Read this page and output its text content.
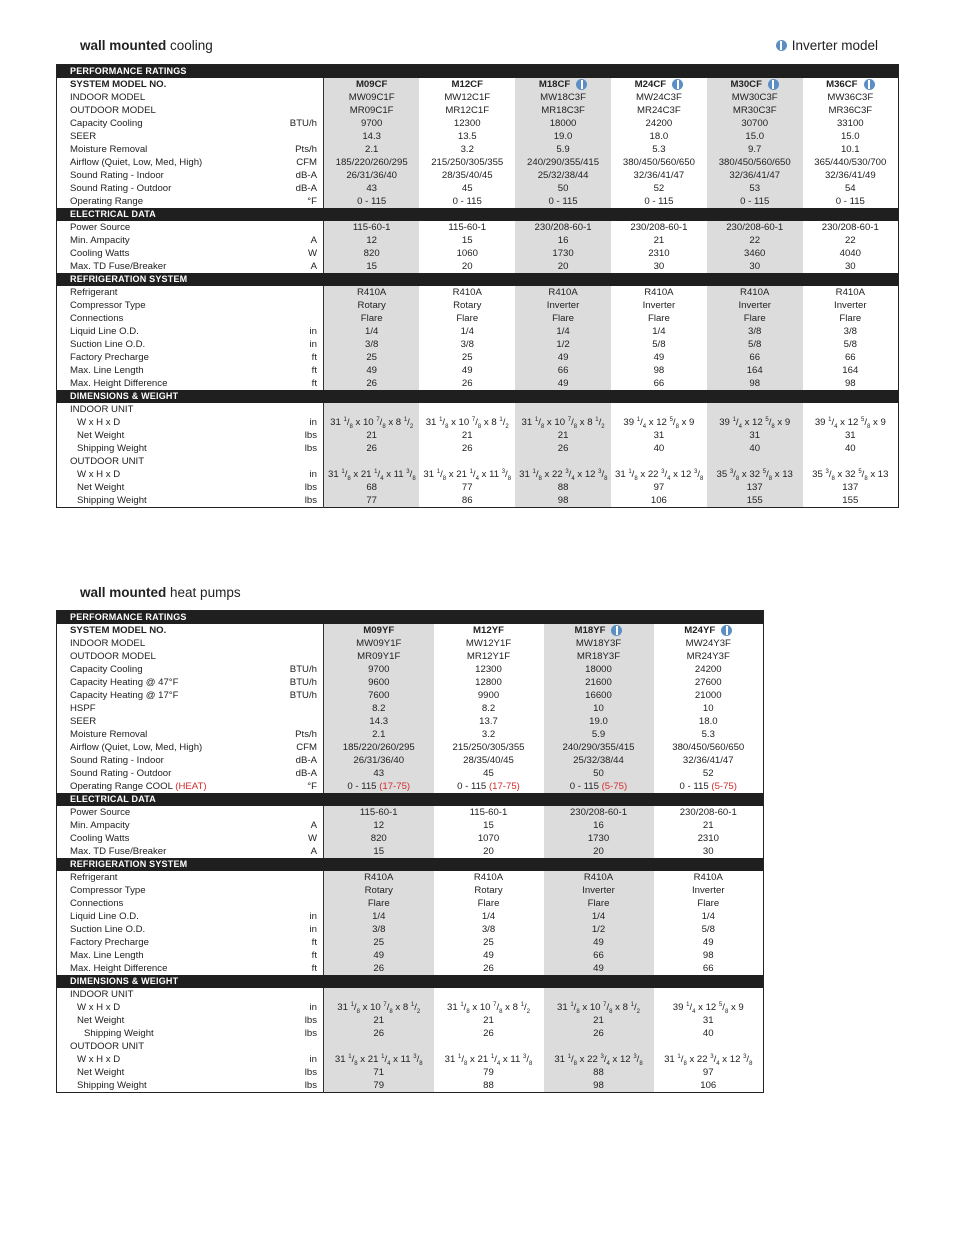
wall mounted cooling	Inverter model
PERFORMANCE RATINGS							
SYSTEM MODEL NO.		M09CF	M12CF	M18CF	M24CF	M30CF	M36CF
INDOOR MODEL		MW09C1F	MW12C1F	MW18C3F	MW24C3F	MW30C3F	MW36C3F
OUTDOOR MODEL		MR09C1F	MR12C1F	MR18C3F	MR24C3F	MR30C3F	MR36C3F
Capacity Cooling	BTU/h	9700	12300	18000	24200	30700	33100
SEER		14.3	13.5	19.0	18.0	15.0	15.0
Moisture Removal	Pts/h	2.1	3.2	5.9	5.3	9.7	10.1
Airflow (Quiet, Low, Med, High)	CFM	185/220/260/295	215/250/305/355	240/290/355/415	380/450/560/650	380/450/560/650	365/440/530/700
Sound Rating - Indoor	dB-A	26/31/36/40	28/35/40/45	25/32/38/44	32/36/41/47	32/36/41/47	32/36/41/49
Sound Rating - Outdoor	dB-A	43	45	50	52	53	54
Operating Range	°F	0 - 115	0 - 115	0 - 115	0 - 115	0 - 115	0 - 115
ELECTRICAL DATA							
Power Source		115-60-1	115-60-1	230/208-60-1	230/208-60-1	230/208-60-1	230/208-60-1
Min. Ampacity	A	12	15	16	21	22	22
Cooling Watts	W	820	1060	1730	2310	3460	4040
Max. TD Fuse/Breaker	A	15	20	20	30	30	30
REFRIGERATION SYSTEM							
Refrigerant		R410A	R410A	R410A	R410A	R410A	R410A
Compressor Type		Rotary	Rotary	Inverter	Inverter	Inverter	Inverter
Connections		Flare	Flare	Flare	Flare	Flare	Flare
Liquid Line O.D.	in	1/4	1/4	1/4	1/4	3/8	3/8
Suction Line O.D.	in	3/8	3/8	1/2	5/8	5/8	5/8
Factory Precharge	ft	25	25	49	49	66	66
Max. Line Length	ft	49	49	66	98	164	164
Max. Height Difference	ft	26	26	49	66	98	98
DIMENSIONS & WEIGHT							
INDOOR UNIT							
W x H x D	in	31 $^1/_8$ x 10 $^7/_8$ x 8 $^1/_2$	31 $^1/_8$ x 10 $^7/_8$ x 8 $^1/_2$	31 $^1/_8$ x 10 $^7/_8$ x 8 $^1/_2$	39 $^1/_4$ x 12 $^5/_8$ x 9	39 $^1/_4$ x 12 $^5/_8$ x 9	39 $^1/_4$ x 12 $^5/_8$ x 9
Net Weight	lbs	21	21	21	31	31	31
Shipping Weight	lbs	26	26	26	40	40	40
OUTDOOR UNIT							
W x H x D	in	31 $^1/_8$ x 21 $^1/_4$ x 11 $^3/_8$	31 $^1/_8$ x 21 $^1/_4$ x 11 $^3/_8$	31 $^1/_8$ x 22 $^3/_4$ x 12 $^3/_8$	31 $^1/_8$ x 22 $^3/_4$ x 12 $^3/_8$	35 $^3/_8$ x 32 $^5/_8$ x 13	35 $^3/_8$ x 32 $^5/_8$ x 13
Net Weight	lbs	68	77	88	97	137	137
Shipping Weight	lbs	77	86	98	106	155	155
wall mounted heat pumps
PERFORMANCE RATINGS					
SYSTEM MODEL NO.		M09YF	M12YF	M18YF	M24YF
INDOOR MODEL		MW09Y1F	MW12Y1F	MW18Y3F	MW24Y3F
OUTDOOR MODEL		MR09Y1F	MR12Y1F	MR18Y3F	MR24Y3F
Capacity Cooling	BTU/h	9700	12300	18000	24200
Capacity Heating @ 47°F	BTU/h	9600	12800	21600	27600
Capacity Heating @ 17°F	BTU/h	7600	9900	16600	21000
HSPF		8.2	8.2	10	10
SEER		14.3	13.7	19.0	18.0
Moisture Removal	Pts/h	2.1	3.2	5.9	5.3
Airflow (Quiet, Low, Med, High)	CFM	185/220/260/295	215/250/305/355	240/290/355/415	380/450/560/650
Sound Rating - Indoor	dB-A	26/31/36/40	28/35/40/45	25/32/38/44	32/36/41/47
Sound Rating - Outdoor	dB-A	43	45	50	52
Operating Range COOL (HEAT)	°F	0 - 115 (17-75)	0 - 115 (17-75)	0 - 115 (5-75)	0 - 115 (5-75)
ELECTRICAL DATA					
Power Source		115-60-1	115-60-1	230/208-60-1	230/208-60-1
Min. Ampacity	A	12	15	16	21
Cooling Watts	W	820	1070	1730	2310
Max. TD Fuse/Breaker	A	15	20	20	30
REFRIGERATION SYSTEM					
Refrigerant		R410A	R410A	R410A	R410A
Compressor Type		Rotary	Rotary	Inverter	Inverter
Connections		Flare	Flare	Flare	Flare
Liquid Line O.D.	in	1/4	1/4	1/4	1/4
Suction Line O.D.	in	3/8	3/8	1/2	5/8
Factory Precharge	ft	25	25	49	49
Max. Line Length	ft	49	49	66	98
Max. Height Difference	ft	26	26	49	66
DIMENSIONS & WEIGHT					
INDOOR UNIT					
W x H x D	in	31 $^1/_8$ x 10 $^7/_8$ x 8 $^1/_2$	31 $^1/_8$ x 10 $^7/_8$ x 8 $^1/_2$	31 $^1/_8$ x 10 $^7/_8$ x 8 $^1/_2$	39 $^1/_4$ x 12 $^5/_8$ x 9
Net Weight	lbs	21	21	21	31
Shipping Weight	lbs	26	26	26	40
OUTDOOR UNIT					
W x H x D	in	31 $^1/_8$ x 21 $^1/_4$ x 11 $^3/_8$	31 $^1/_8$ x 21 $^1/_4$ x 11 $^3/_8$	31 $^1/_8$ x 22 $^3/_4$ x 12 $^3/_8$	31 $^1/_8$ x 22 $^3/_4$ x 12 $^3/_8$
Net Weight	lbs	71	79	88	97
Shipping Weight	lbs	79	88	98	106
